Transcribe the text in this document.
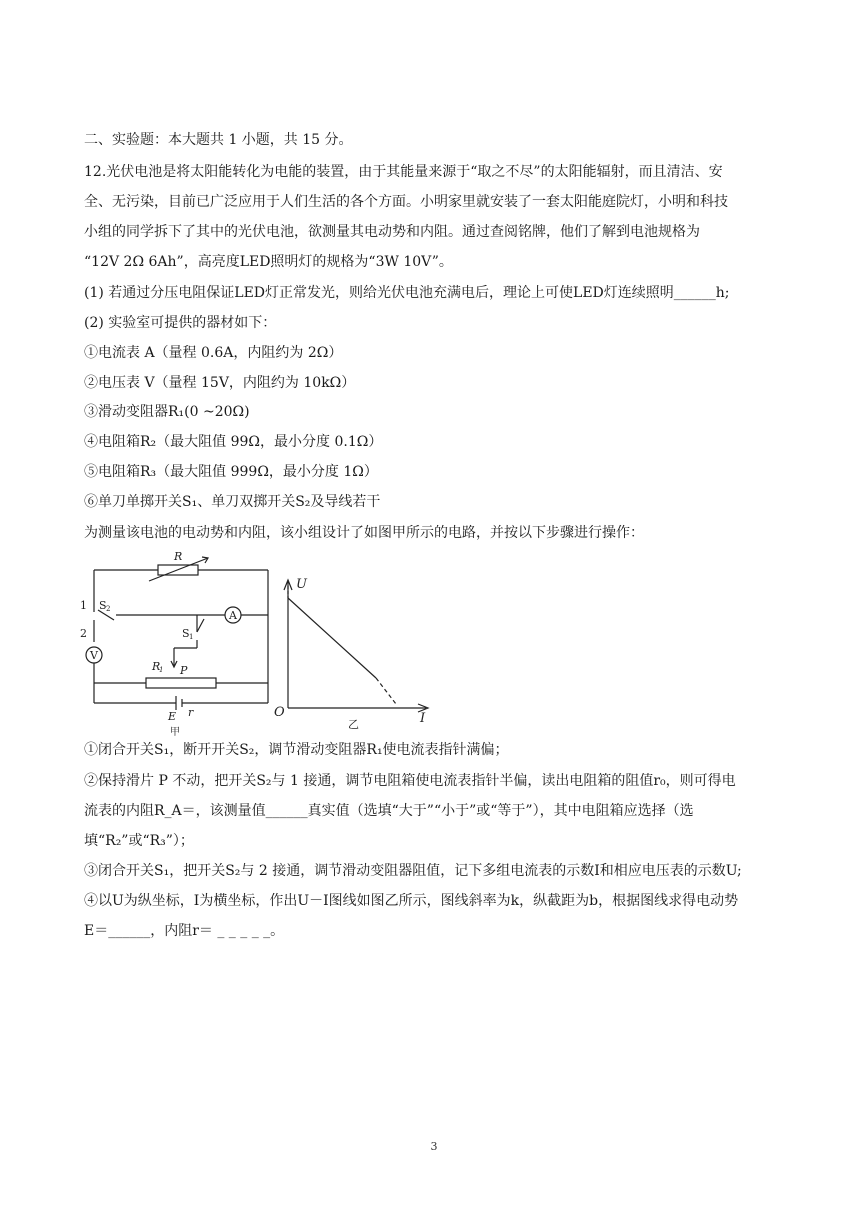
二、实验题：本大题共 1 小题，共 15 分。
12.光伏电池是将太阳能转化为电能的装置，由于其能量来源于“取之不尽”的太阳能辐射，而且清洁、安
全、无污染，目前已广泛应用于人们生活的各个方面。小明家里就安装了一套太阳能庭院灯，小明和科技
小组的同学拆下了其中的光伏电池，欲测量其电动势和内阻。通过查阅铭牌，他们了解到电池规格为
“12V 2Ω 6Ah”，高亮度LED照明灯的规格为“3W 10V”。
(1) 若通过分压电阻保证LED灯正常发光，则给光伏电池充满电后，理论上可使LED灯连续照明______h;
(2) 实验室可提供的器材如下：
①电流表 A（量程 0.6A，内阻约为 2Ω）
②电压表 V（量程 15V，内阻约为 10kΩ）
③滑动变阻器R₁(0 ~20Ω)
④电阻箱R₂（最大阻值 99Ω，最小分度 0.1Ω）
⑤电阻箱R₃（最大阻值 999Ω，最小分度 1Ω）
⑥单刀单掷开关S₁、单刀双掷开关S₂及导线若干
为测量该电池的电动势和内阻，该小组设计了如图甲所示的电路，并按以下步骤进行操作：
R
S 2
1
2	S 1
A
V
R
1 P
E r
甲
U
I
O
乙
①闭合开关S₁，断开开关S₂，调节滑动变阻器R₁使电流表指针满偏；
②保持滑片 P 不动，把开关S₂与 1 接通，调节电阻箱使电流表指针半偏，读出电阻箱的阻值r₀，则可得电
流表的内阻R_A＝，该测量值______真实值（选填“大于”“小于”或“等于”），其中电阻箱应选择（选
填“R₂”或“R₃”）；
③闭合开关S₁，把开关S₂与 2 接通，调节滑动变阻器阻值，记下多组电流表的示数I和相应电压表的示数U;
④以U为纵坐标，I为横坐标，作出U－I图线如图乙所示，图线斜率为k，纵截距为b，根据图线求得电动势
E＝______，内阻r＝ _ _ _ _ _。
3
